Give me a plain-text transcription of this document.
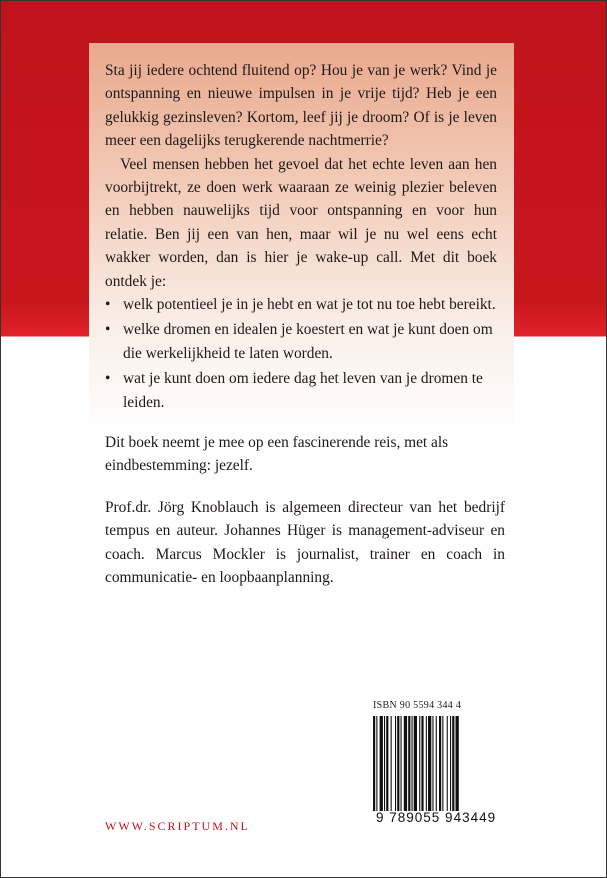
Sta jij iedere ochtend fluitend op? Hou je van je werk? Vind je ontspanning en nieuwe impulsen in je vrije tijd? Heb je een gelukkig gezinsleven? Kortom, leef jij je droom? Of is je leven meer een dagelijks terugkerende nachtmerrie?

Veel mensen hebben het gevoel dat het echte leven aan hen voorbijtrekt, ze doen werk waaraan ze weinig plezier beleven en hebben nauwelijks tijd voor ontspanning en voor hun relatie. Ben jij een van hen, maar wil je nu wel eens echt wakker worden, dan is hier je wake-up call. Met dit boek ontdek je:

• welk potentieel je in je hebt en wat je tot nu toe hebt bereikt.
• welke dromen en idealen je koestert en wat je kunt doen om die werkelijkheid te laten worden.
• wat je kunt doen om iedere dag het leven van je dromen te leiden.

Dit boek neemt je mee op een fascinerende reis, met als eindbestemming: jezelf.

Prof.dr. Jörg Knoblauch is algemeen directeur van het bedrijf tempus en auteur. Johannes Hüger is management-adviseur en coach. Marcus Mockler is journalist, trainer en coach in communicatie- en loopbaanplanning.

ISBN 90 5594 344 4
9 789055 943449
WWW.SCRIPTUM.NL
